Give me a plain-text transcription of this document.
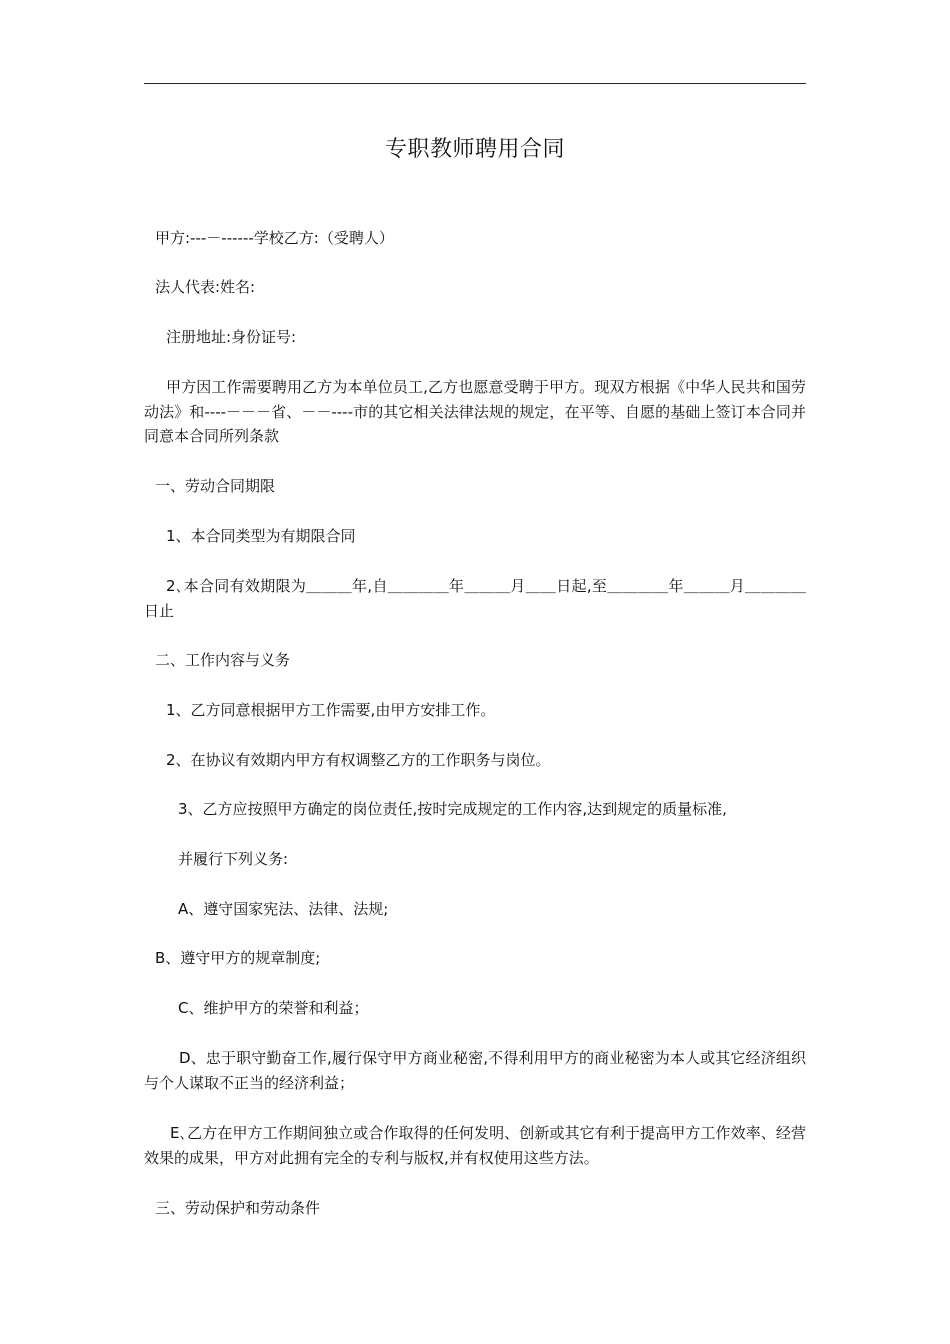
专职教师聘用合同
甲方:---－------学校乙方:（受聘人）
法人代表:姓名:
注册地址:身份证号:
甲方因工作需要聘用乙方为本单位员工,乙方也愿意受聘于甲方。现双方根据《中华人民共和国劳动法》和----－－－省、－－----市的其它相关法律法规的规定，在平等、自愿的基础上签订本合同并同意本合同所列条款
一、劳动合同期限
1、本合同类型为有期限合同
2､本合同有效期限为＿＿＿年,自＿＿＿＿年＿＿＿月＿＿日起,至＿＿＿＿年＿＿＿月＿＿＿＿日止
二、工作内容与义务
1、乙方同意根据甲方工作需要,由甲方安排工作。
2、在协议有效期内甲方有权调整乙方的工作职务与岗位。
3、乙方应按照甲方确定的岗位责任,按时完成规定的工作内容,达到规定的质量标准,
并履行下列义务:
A、遵守国家宪法、法律、法规;
B、遵守甲方的规章制度;
C、维护甲方的荣誉和利益；
D、忠于职守勤奋工作,履行保守甲方商业秘密,不得利用甲方的商业秘密为本人或其它经济组织与个人谋取不正当的经济利益；
E､乙方在甲方工作期间独立或合作取得的任何发明、创新或其它有利于提高甲方工作效率、经营效果的成果，甲方对此拥有完全的专利与版权,并有权使用这些方法。
三、劳动保护和劳动条件
